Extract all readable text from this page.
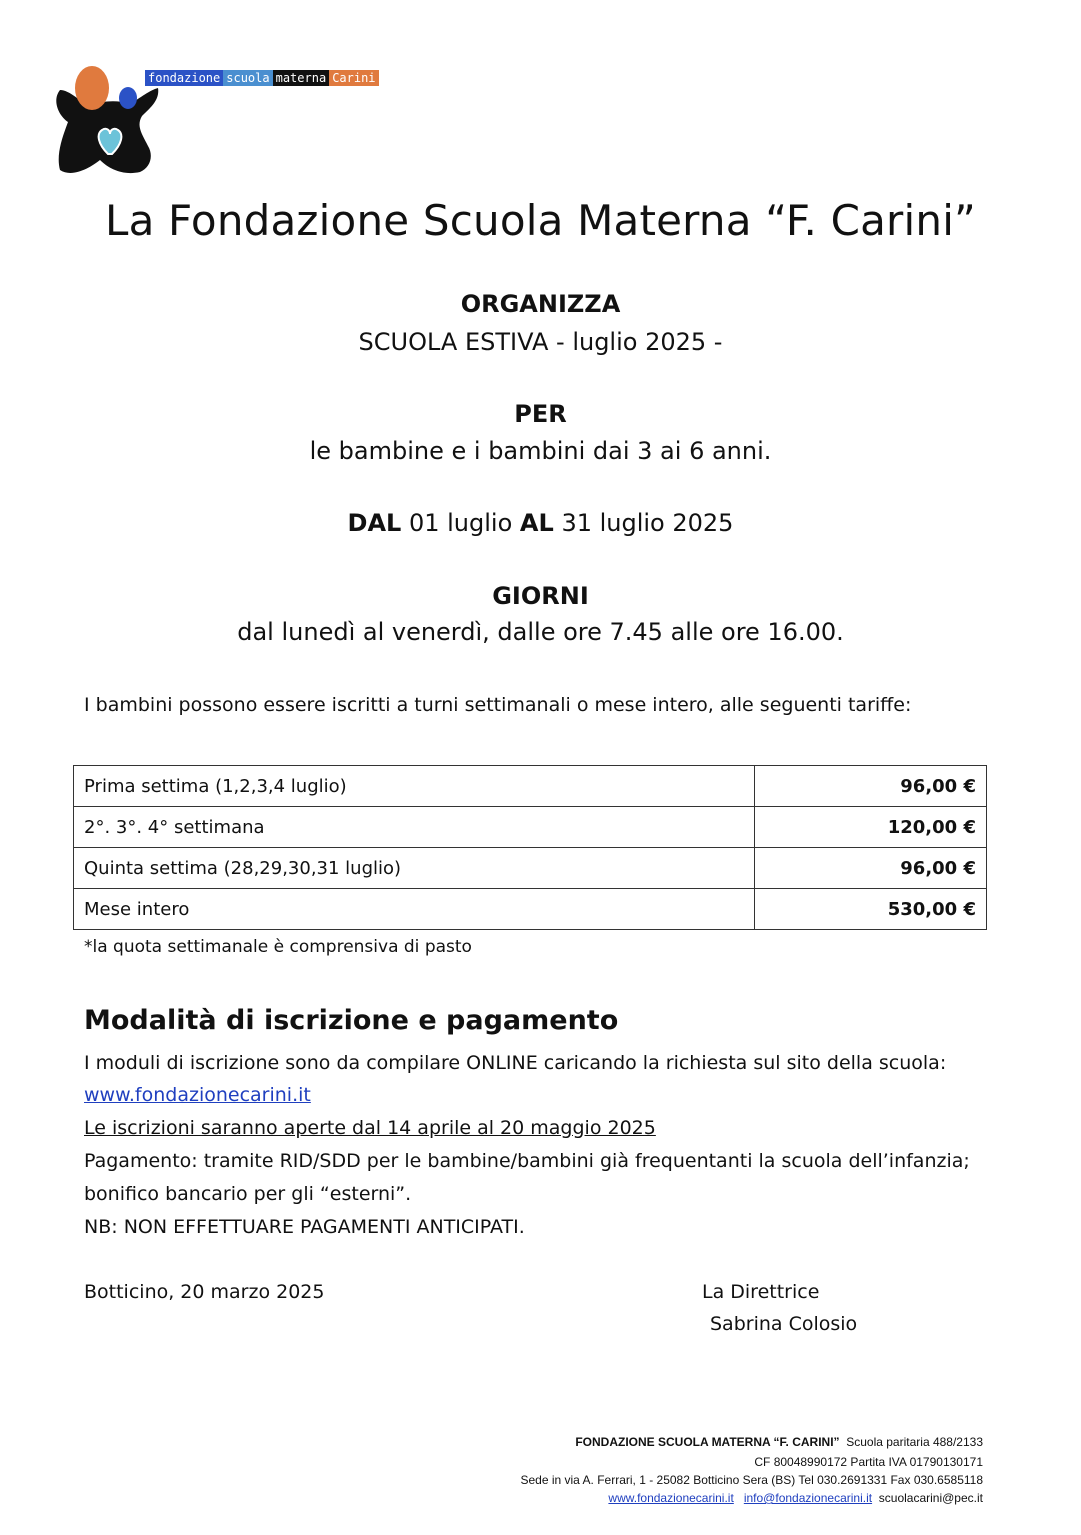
fondazione scuola materna Carini
La Fondazione Scuola Materna “F. Carini”
ORGANIZZA
SCUOLA ESTIVA - luglio 2025 -
PER
le bambine e i bambini dai 3 ai 6 anni.
DAL 01 luglio AL 31 luglio 2025
GIORNI
dal lunedì al venerdì, dalle ore 7.45 alle ore 16.00.
I bambini possono essere iscritti a turni settimanali o mese intero, alle seguenti tariffe:
Prima settima (1,2,3,4 luglio)	96,00 €
2°. 3°. 4° settimana	120,00 €
Quinta settima (28,29,30,31 luglio)	96,00 €
Mese intero	530,00 €
*la quota settimanale è comprensiva di pasto
Modalità di iscrizione e pagamento
I moduli di iscrizione sono da compilare ONLINE caricando la richiesta sul sito della scuola:
www.fondazionecarini.it
Le iscrizioni saranno aperte dal 14 aprile al 20 maggio 2025
Pagamento: tramite RID/SDD per le bambine/bambini già frequentanti la scuola dell’infanzia;
bonifico bancario per gli “esterni”.
NB: NON EFFETTUARE PAGAMENTI ANTICIPATI.
Botticino, 20 marzo 2025	La Direttrice
Sabrina Colosio
FONDAZIONE SCUOLA MATERNA “F. CARINI” Scuola paritaria 488/2133
CF 80048990172 Partita IVA 01790130171
Sede in via A. Ferrari, 1 - 25082 Botticino Sera (BS) Tel 030.2691331 Fax 030.6585118
www.fondazionecarini.it info@fondazionecarini.it scuolacarini@pec.it
